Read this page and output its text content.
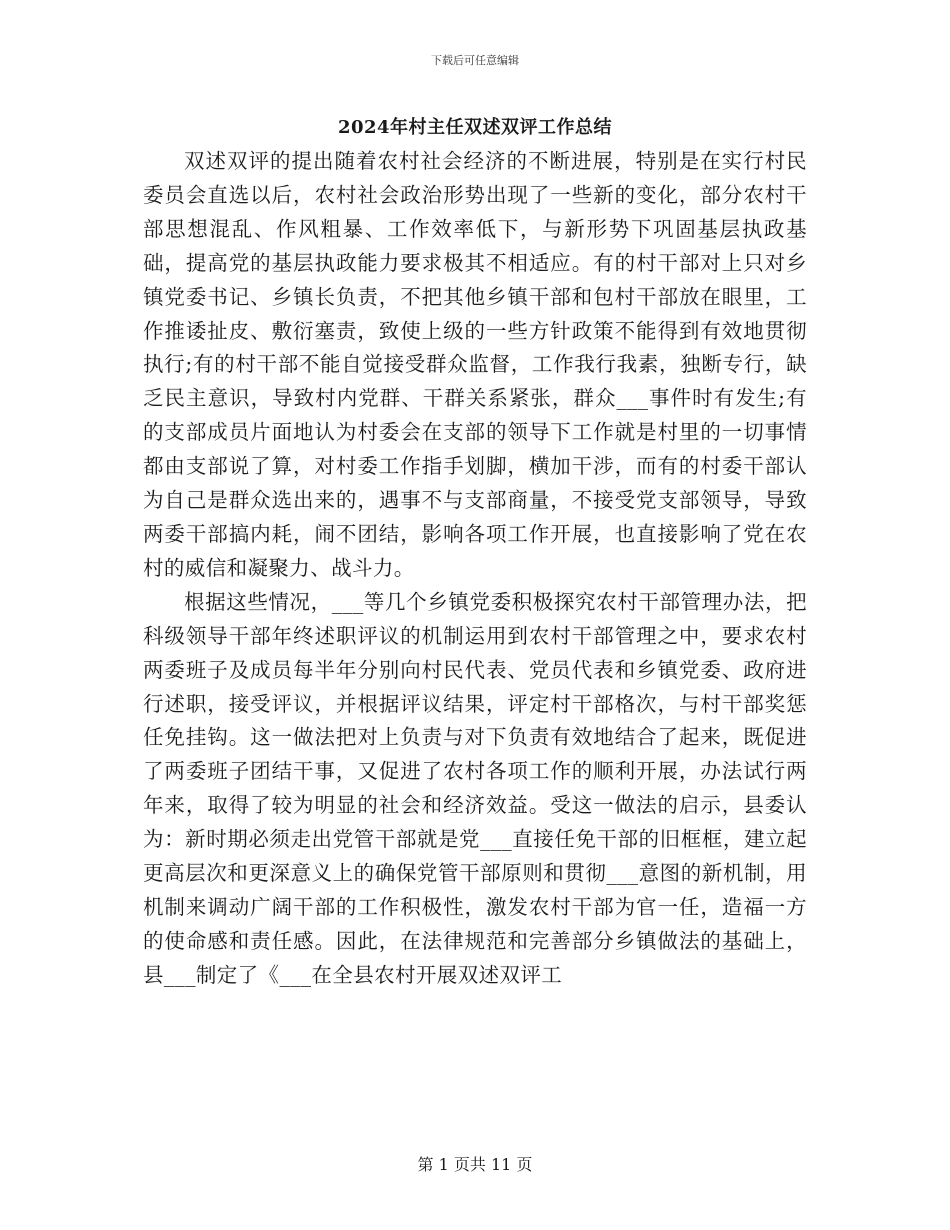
下载后可任意编辑
2024年村主任双述双评工作总结

双述双评的提出随着农村社会经济的不断进展，特别是在实行村民委员会直选以后，农村社会政治形势出现了一些新的变化，部分农村干部思想混乱、作风粗暴、工作效率低下，与新形势下巩固基层执政基础，提高党的基层执政能力要求极其不相适应。有的村干部对上只对乡镇党委书记、乡镇长负责，不把其他乡镇干部和包村干部放在眼里，工作推诿扯皮、敷衍塞责，致使上级的一些方针政策不能得到有效地贯彻执行;有的村干部不能自觉接受群众监督，工作我行我素，独断专行，缺乏民主意识，导致村内党群、干群关系紧张，群众___事件时有发生;有的支部成员片面地认为村委会在支部的领导下工作就是村里的一切事情都由支部说了算，对村委工作指手划脚，横加干涉，而有的村委干部认为自己是群众选出来的，遇事不与支部商量，不接受党支部领导，导致两委干部搞内耗，闹不团结，影响各项工作开展，也直接影响了党在农村的威信和凝聚力、战斗力。

根据这些情况，___等几个乡镇党委积极探究农村干部管理办法，把科级领导干部年终述职评议的机制运用到农村干部管理之中，要求农村两委班子及成员每半年分别向村民代表、党员代表和乡镇党委、政府进行述职，接受评议，并根据评议结果，评定村干部格次，与村干部奖惩任免挂钩。这一做法把对上负责与对下负责有效地结合了起来，既促进了两委班子团结干事，又促进了农村各项工作的顺利开展，办法试行两年来，取得了较为明显的社会和经济效益。受这一做法的启示，县委认为：新时期必须走出党管干部就是党___直接任免干部的旧框框，建立起更高层次和更深意义上的确保党管干部原则和贯彻___意图的新机制，用机制来调动广阔干部的工作积极性，激发农村干部为官一任，造福一方的使命感和责任感。因此，在法律规范和完善部分乡镇做法的基础上，县___制定了《___在全县农村开展双述双评工

第 1 页共 11 页
